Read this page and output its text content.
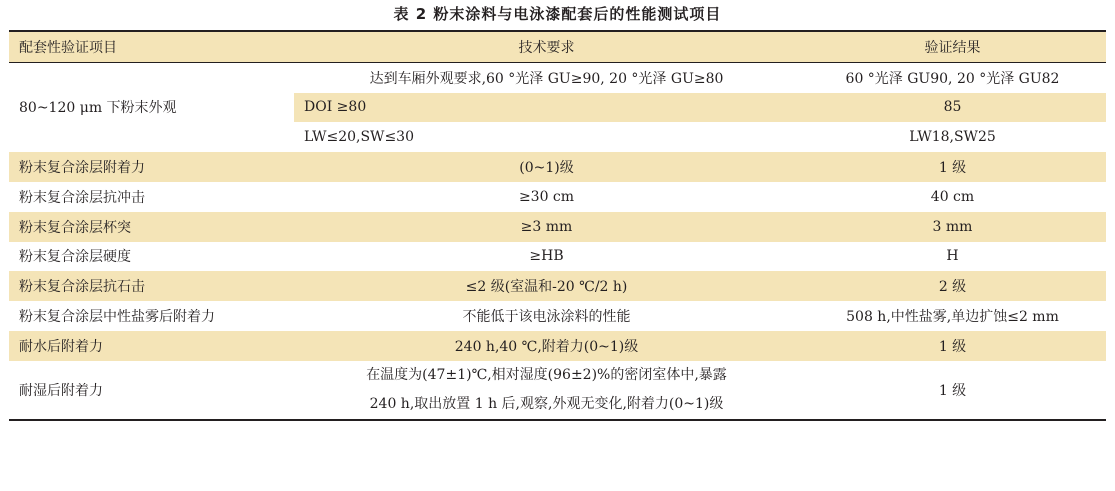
表 2 粉末涂料与电泳漆配套后的性能测试项目
配套性验证项目	技术要求	验证结果
80~120 μm 下粉末外观	达到车厢外观要求,60 °光泽 GU≥90, 20 °光泽 GU≥80	60 °光泽 GU90, 20 °光泽 GU82
	DOI ≥80	85
	LW≤20,SW≤30	LW18,SW25
粉末复合涂层附着力	(0~1)级	1 级
粉末复合涂层抗冲击	≥30 cm	40 cm
粉末复合涂层杯突	≥3 mm	3 mm
粉末复合涂层硬度	≥HB	H
粉末复合涂层抗石击	≤2 级(室温和-20 ℃/2 h)	2 级
粉末复合涂层中性盐雾后附着力	不能低于该电泳涂料的性能	508 h,中性盐雾,单边扩蚀≤2 mm
耐水后附着力	240 h,40 ℃,附着力(0~1)级	1 级
耐湿后附着力	在温度为(47±1)℃,相对湿度(96±2)%的密闭室体中,暴露
240 h,取出放置 1 h 后,观察,外观无变化,附着力(0~1)级	1 级
